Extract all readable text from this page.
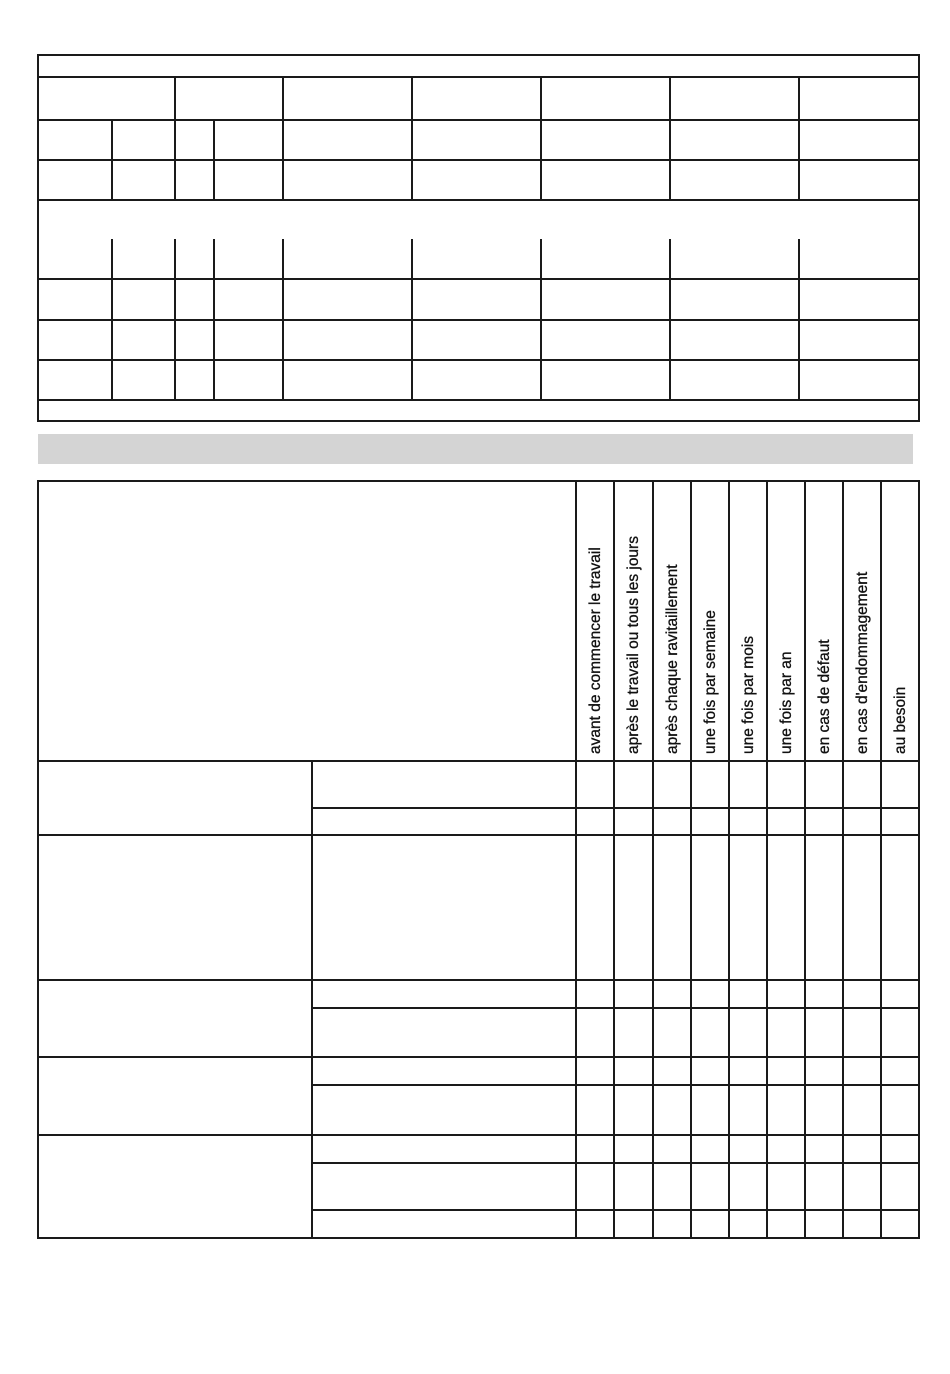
avant de commencer le travail	après le travail ou tous les jours	après chaque ravitaillement	une fois par semaine	une fois par mois	une fois par an	en cas de défaut	en cas d'endommagement	au besoin
